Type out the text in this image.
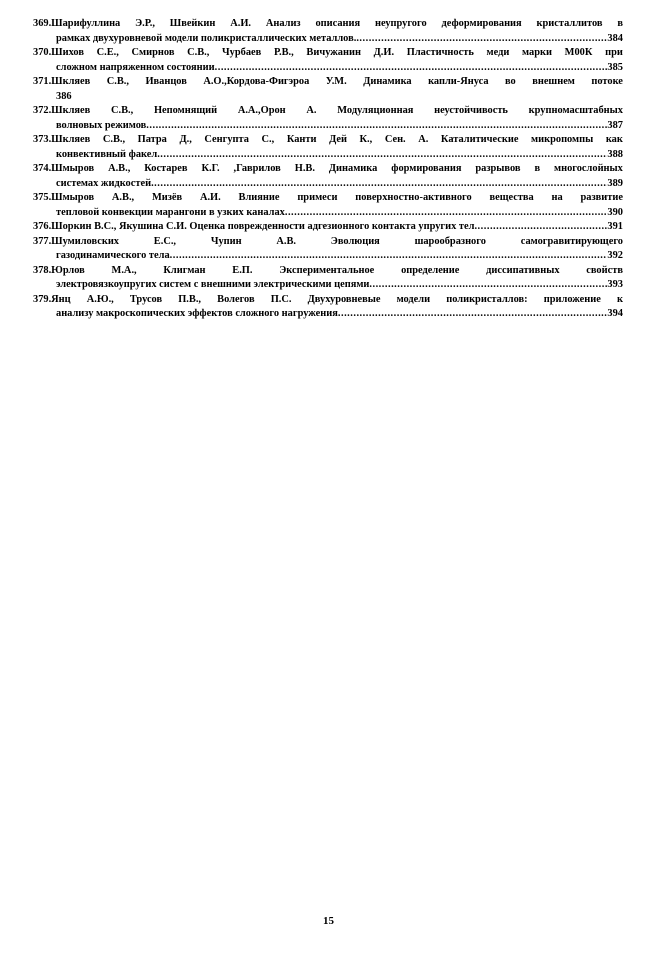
369.Шарифуллина Э.Р., Швейкин А.И. Анализ описания неупругого деформирования кристаллитов в
рамках двухуровневой модели поликристаллических металлов. .....	384
370.Шихов С.Е., Смирнов С.В., Чурбаев Р.В., Вичужанин Д.И. Пластичность меди марки М00К при
сложном напряженном состоянии .....	385
371.Шкляев С.В., Иванцов А.О.,Кордова-Фигэроа У.М. Динамика капли-Януса во внешнем потоке
386
372.Шкляев С.В., Непомнящий А.А.,Орон А. Модуляционная неустойчивость крупномасштабных
волновых режимов .....	387
373.Шкляев С.В., Патра Д., Сенгупта С., Канти Дей К., Сен. А. Каталитические микропомпы как
конвективный факел .....	388
374.Шмыров А.В., Костарев К.Г. ,Гаврилов Н.В. Динамика формирования разрывов в многослойных
системах жидкостей .....	389
375.Шмыров А.В., Мизёв А.И. Влияние примеси поверхностно-активного вещества на развитие
тепловой конвекции марангони в узких каналах .....	390
376.Шоркин В.С., Якушина С.И. Оценка поврежденности адгезионного контакта упругих тел .....	391
377.Шумиловских	Е.С.,	Чупин	А.В.	Эволюция	шарообразного	самогравитирующего
газодинамического тела .....	392
378.Юрлов	М.А.,	Клигман	Е.П.	Экспериментальное	определение	диссипативных	свойств
электровязкоупругих систем с внешними электрическими цепями .....	393
379.Янц А.Ю., Трусов П.В., Волегов П.С. Двухуровневые модели поликристаллов: приложение к
анализу макроскопических эффектов сложного нагружения .....	394
15
